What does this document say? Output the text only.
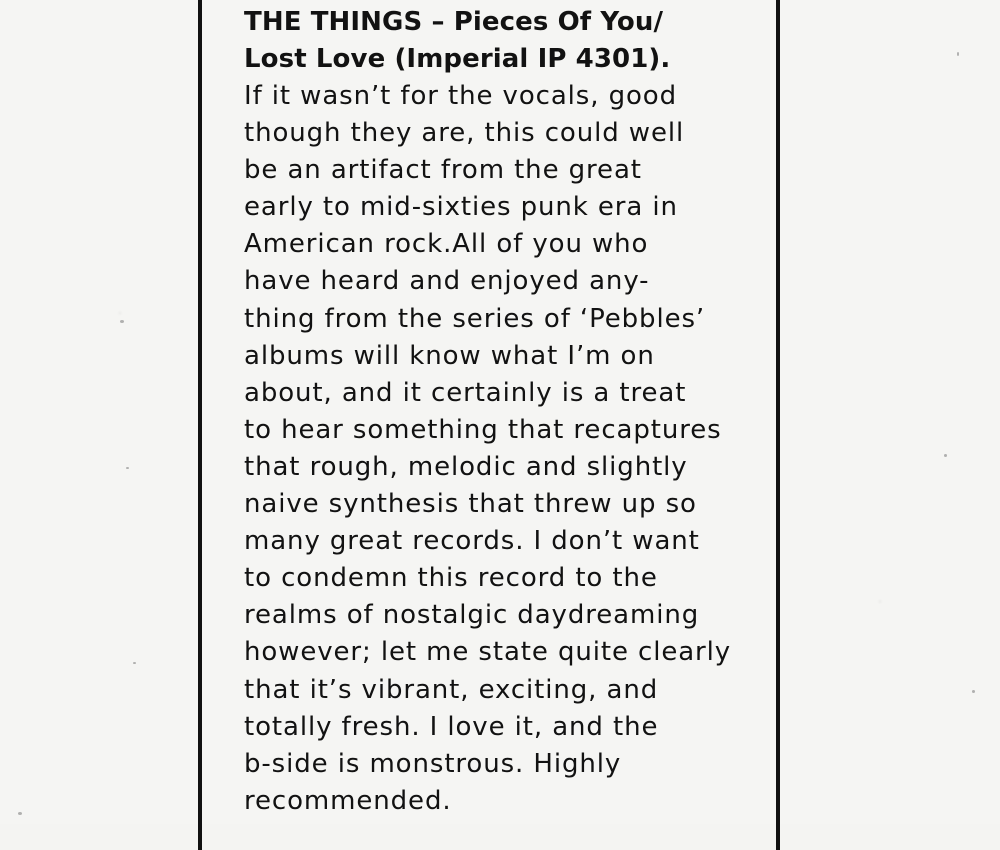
THE THINGS – Pieces Of You/
Lost Love (Imperial IP 4301).
If it wasn’t for the vocals, good
though they are, this could well
be an artifact from the great
early to mid-sixties punk era in
American rock.All of you who
have heard and enjoyed any-
thing from the series of ‘Pebbles’
albums will know what I’m on
about, and it certainly is a treat
to hear something that recaptures
that rough, melodic and slightly
naive synthesis that threw up so
many great records. I don’t want
to condemn this record to the
realms of nostalgic daydreaming
however; let me state quite clearly
that it’s vibrant, exciting, and
totally fresh. I love it, and the
b-side is monstrous. Highly
recommended.
